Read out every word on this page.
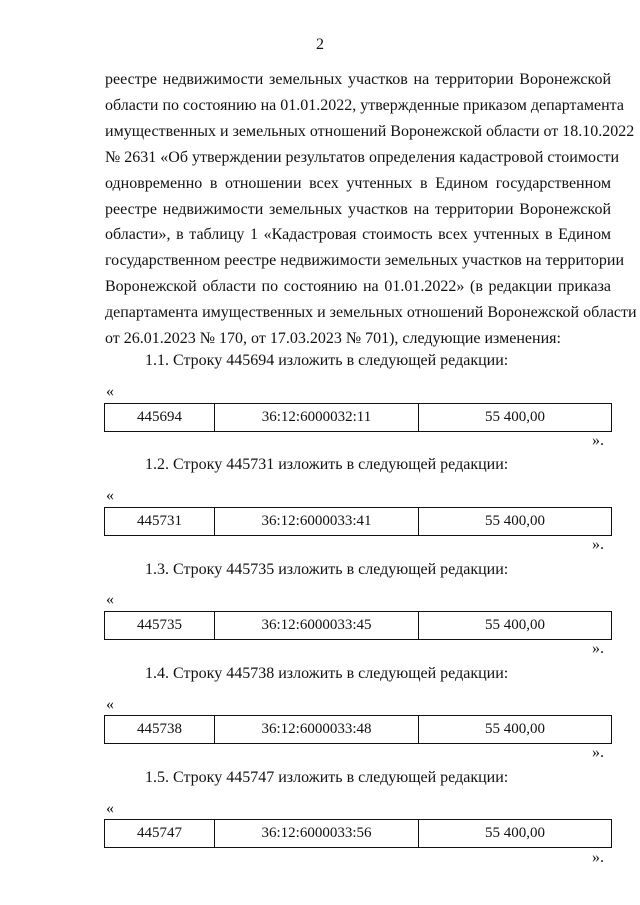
2
реестре недвижимости земельных участков на территории Воронежской
области по состоянию на 01.01.2022, утвержденные приказом департамента
имущественных и земельных отношений Воронежской области от 18.10.2022
№ 2631 «Об утверждении результатов определения кадастровой стоимости
одновременно в отношении всех учтенных в Едином государственном
реестре недвижимости земельных участков на территории Воронежской
области», в таблицу 1 «Кадастровая стоимость всех учтенных в Едином
государственном реестре недвижимости земельных участков на территории
Воронежской области по состоянию на 01.01.2022» (в редакции приказа
департамента имущественных и земельных отношений Воронежской области
от 26.01.2023 № 170, от 17.03.2023 № 701), следующие изменения:
1.1. Строку 445694 изложить в следующей редакции:
«
445694	36:12:6000032:11	55 400,00
».
1.2. Строку 445731 изложить в следующей редакции:
«
445731	36:12:6000033:41	55 400,00
».
1.3. Строку 445735 изложить в следующей редакции:
«
445735	36:12:6000033:45	55 400,00
».
1.4. Строку 445738 изложить в следующей редакции:
«
445738	36:12:6000033:48	55 400,00
».
1.5. Строку 445747 изложить в следующей редакции:
«
445747	36:12:6000033:56	55 400,00
».
